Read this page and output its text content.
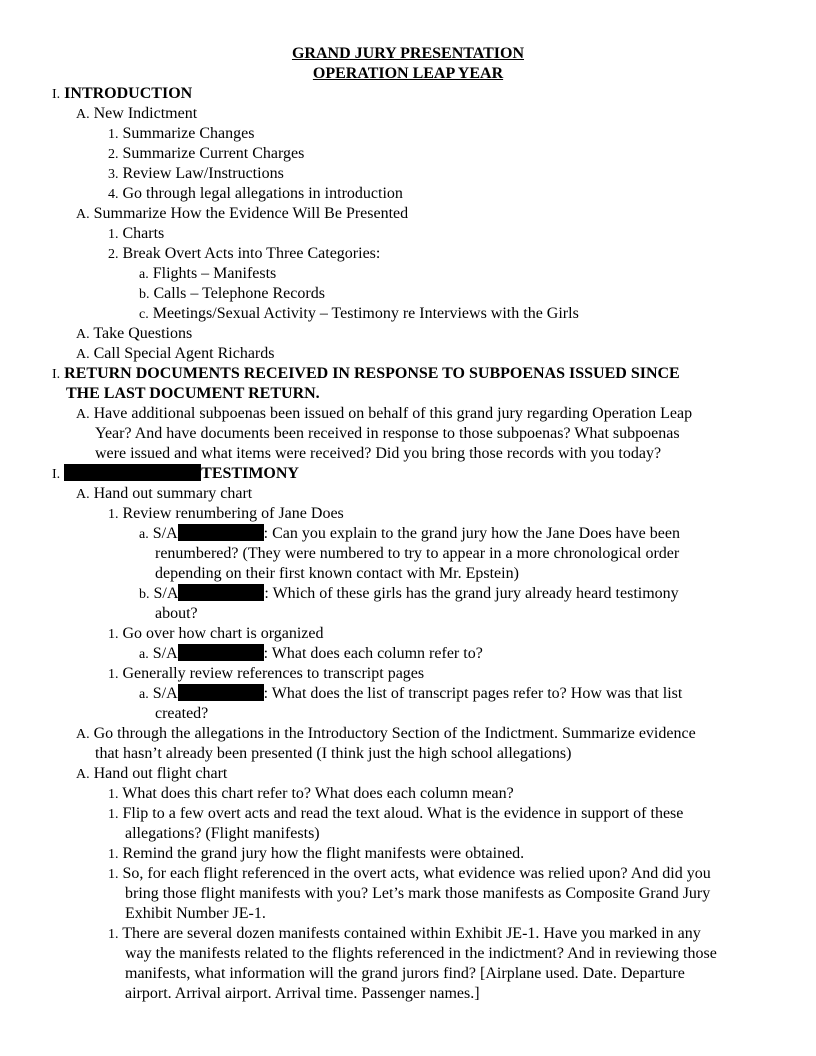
GRAND JURY PRESENTATION
OPERATION LEAP YEAR
I. INTRODUCTION
A. New Indictment
1. Summarize Changes
2. Summarize Current Charges
3. Review Law/Instructions
4. Go through legal allegations in introduction
A. Summarize How the Evidence Will Be Presented
1. Charts
2. Break Overt Acts into Three Categories:
a. Flights – Manifests
b. Calls – Telephone Records
c. Meetings/Sexual Activity – Testimony re Interviews with the Girls
A. Take Questions
A. Call Special Agent Richards
I. RETURN DOCUMENTS RECEIVED IN RESPONSE TO SUBPOENAS ISSUED SINCE
THE LAST DOCUMENT RETURN.
A. Have additional subpoenas been issued on behalf of this grand jury regarding Operation Leap
Year? And have documents been received in response to those subpoenas? What subpoenas
were issued and what items were received? Did you bring those records with you today?
I.	TESTIMONY
A. Hand out summary chart
1. Review renumbering of Jane Does
a. S/A	: Can you explain to the grand jury how the Jane Does have been
renumbered? (They were numbered to try to appear in a more chronological order
depending on their first known contact with Mr. Epstein)
b. S/A	: Which of these girls has the grand jury already heard testimony
about?
1. Go over how chart is organized
a. S/A	: What does each column refer to?
1. Generally review references to transcript pages
a. S/A	: What does the list of transcript pages refer to? How was that list
created?
A. Go through the allegations in the Introductory Section of the Indictment. Summarize evidence
that hasn’t already been presented (I think just the high school allegations)
A. Hand out flight chart
1. What does this chart refer to? What does each column mean?
1. Flip to a few overt acts and read the text aloud. What is the evidence in support of these
allegations? (Flight manifests)
1. Remind the grand jury how the flight manifests were obtained.
1. So, for each flight referenced in the overt acts, what evidence was relied upon? And did you
bring those flight manifests with you? Let’s mark those manifests as Composite Grand Jury
Exhibit Number JE-1.
1. There are several dozen manifests contained within Exhibit JE-1. Have you marked in any
way the manifests related to the flights referenced in the indictment? And in reviewing those
manifests, what information will the grand jurors find? [Airplane used. Date. Departure
airport. Arrival airport. Arrival time. Passenger names.]
